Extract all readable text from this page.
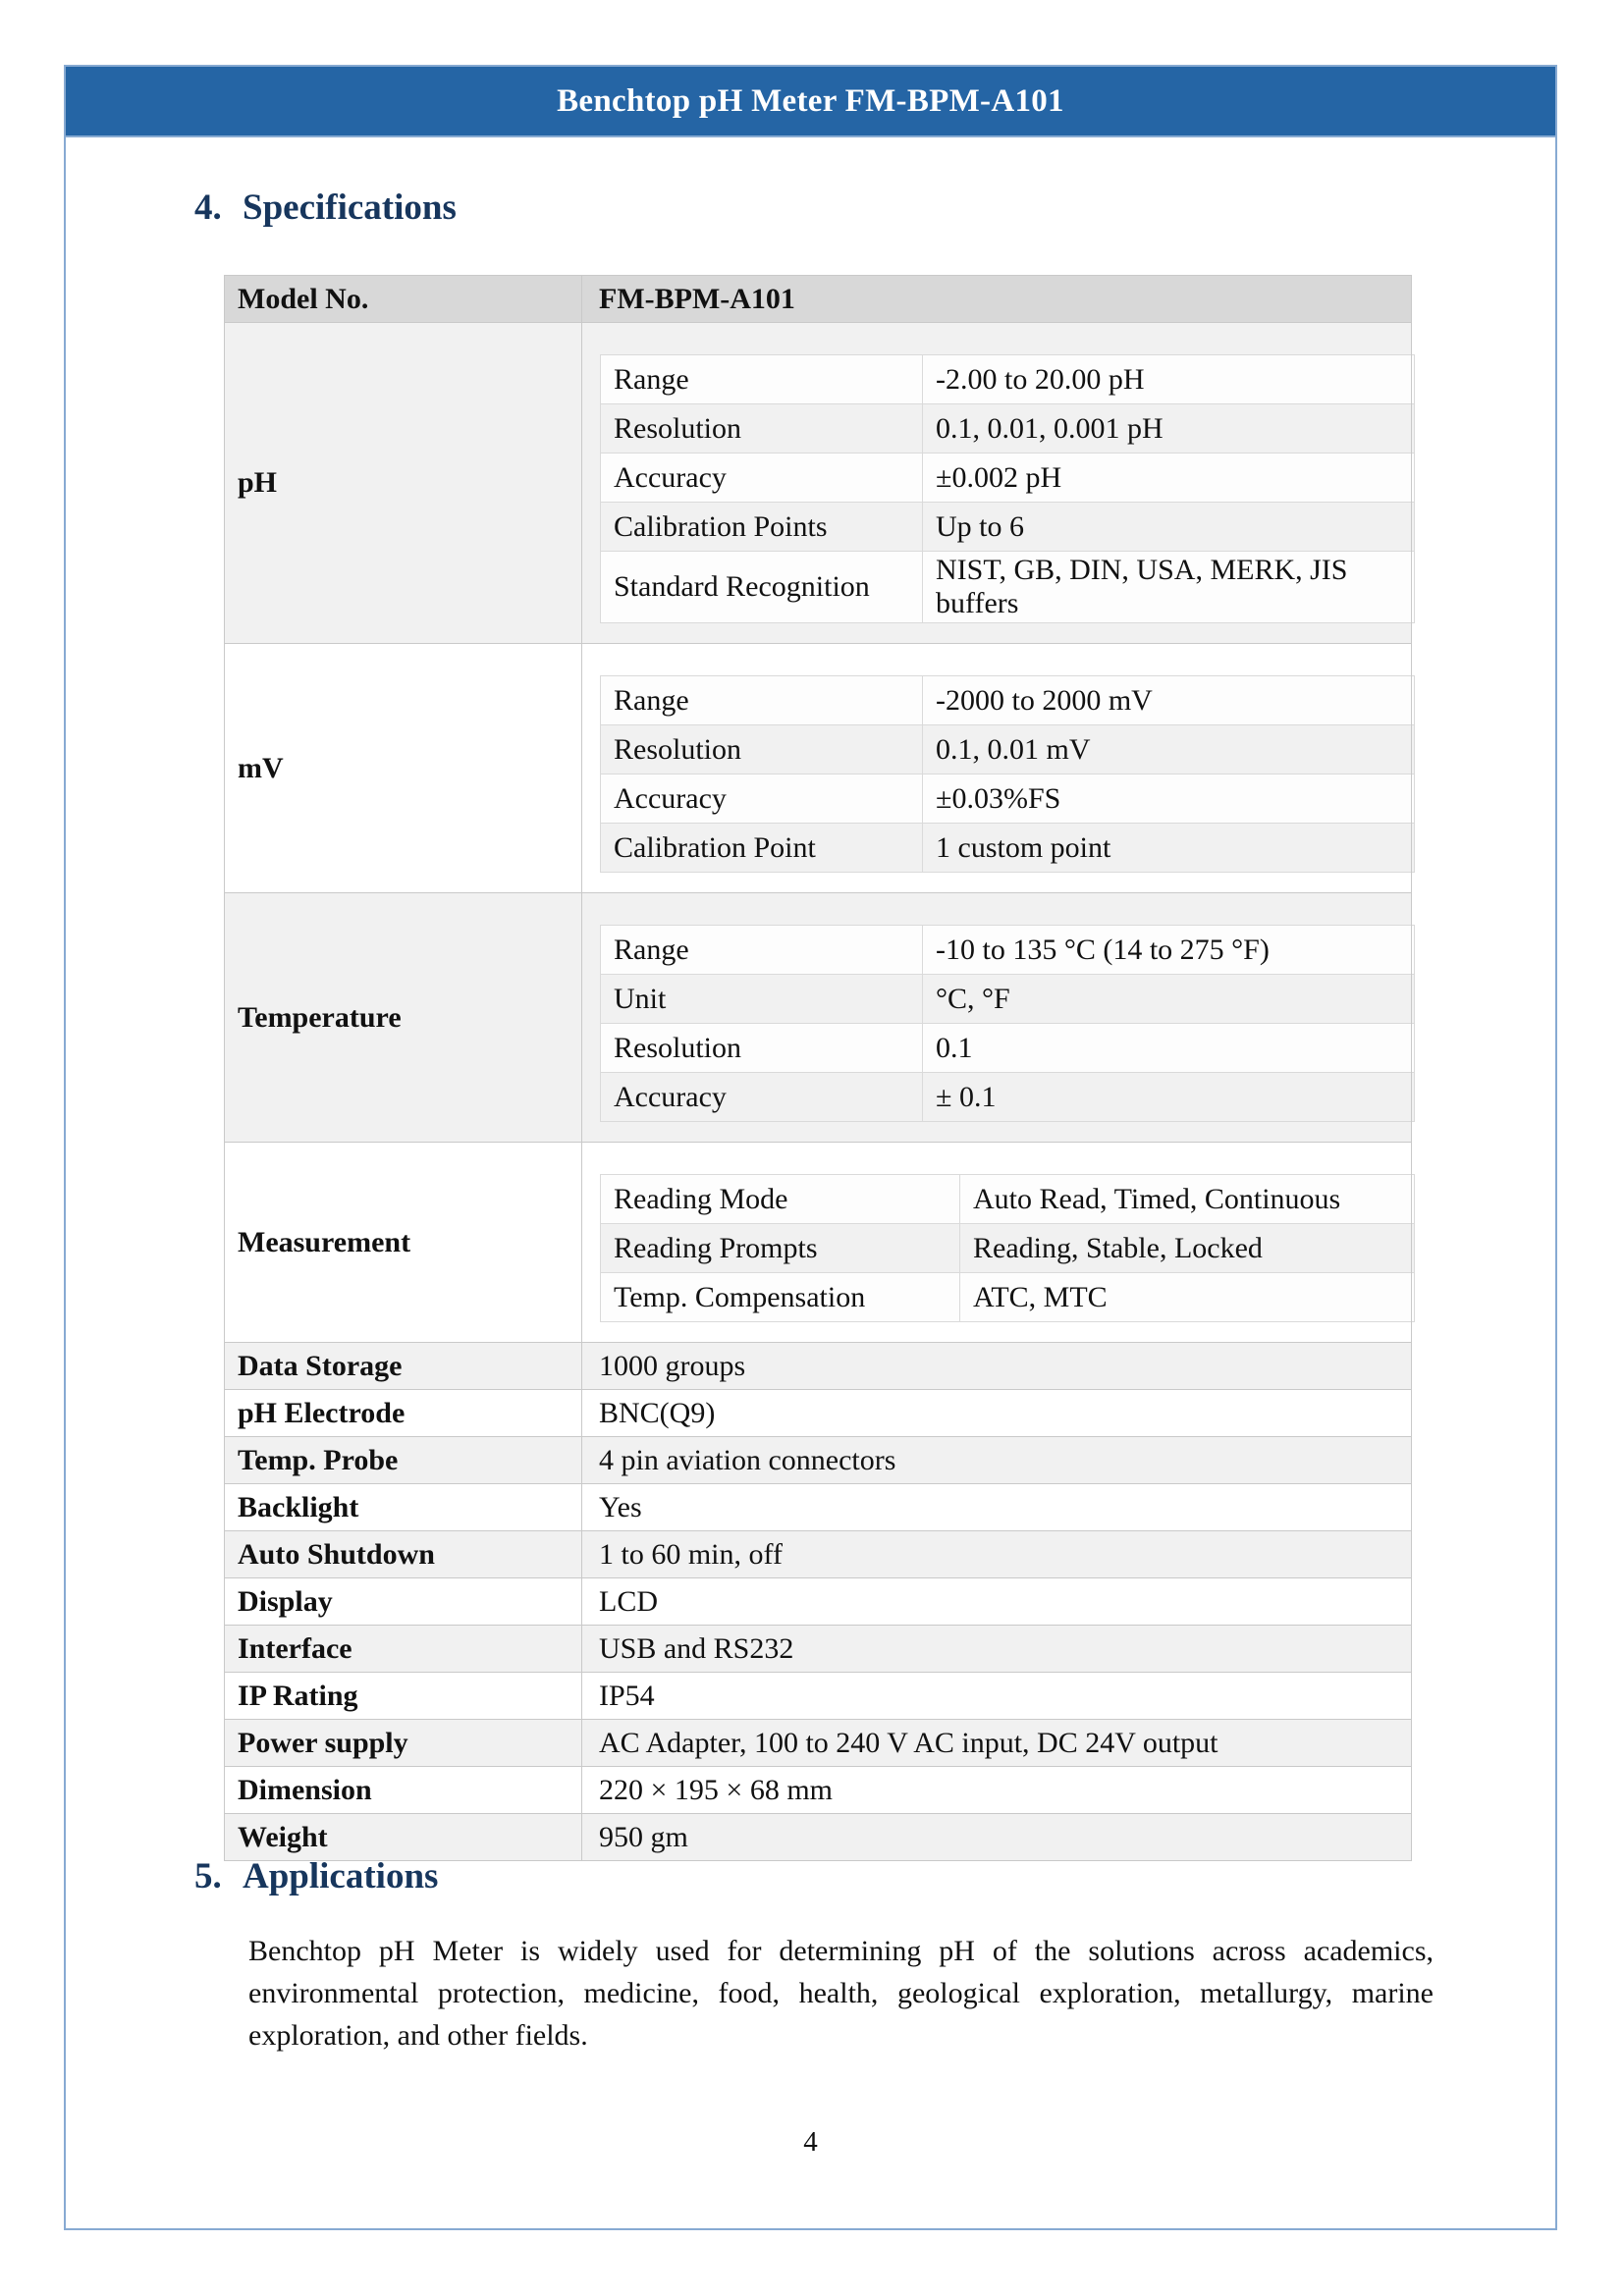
Benchtop pH Meter FM-BPM-A101
4. Specifications
Model No.	FM-BPM-A101
pH	
Range	-2.00 to 20.00 pH
Resolution	0.1, 0.01, 0.001 pH
Accuracy	±0.002 pH
Calibration Points	Up to 6
Standard Recognition	NIST, GB, DIN, USA, MERK, JIS buffers

mV	
Range	-2000 to 2000 mV
Resolution	0.1, 0.01 mV
Accuracy	±0.03%FS
Calibration Point	1 custom point

Temperature	
Range	-10 to 135 °C (14 to 275 °F)
Unit	°C, °F
Resolution	0.1
Accuracy	± 0.1

Measurement	
Reading Mode	Auto Read, Timed, Continuous
Reading Prompts	Reading, Stable, Locked
Temp. Compensation	ATC, MTC

Data Storage	1000 groups
pH Electrode	BNC(Q9)
Temp. Probe	4 pin aviation connectors
Backlight	Yes
Auto Shutdown	1 to 60 min, off
Display	LCD
Interface	USB and RS232
IP Rating	IP54
Power supply	AC Adapter, 100 to 240 V AC input, DC 24V output
Dimension	220 × 195 × 68 mm
Weight	950 gm
5. Applications

Benchtop pH Meter is widely used for determining pH of the solutions across academics, environmental protection, medicine, food, health, geological exploration, metallurgy, marine exploration, and other fields.

4
